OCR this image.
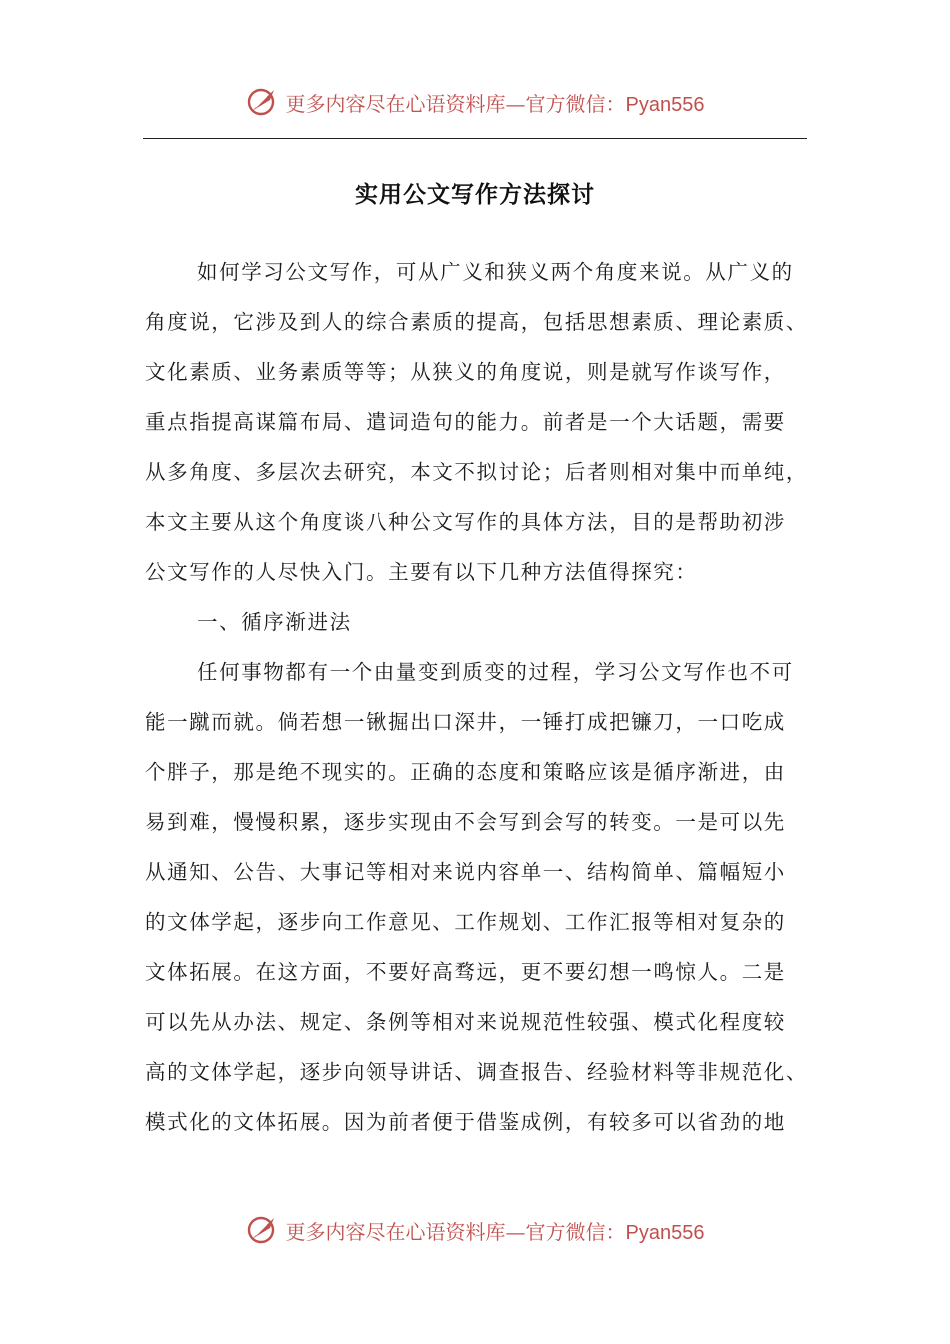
更多内容尽在心语资料库—官方微信：Pyan556
实用公文写作方法探讨
如何学习公文写作，可从广义和狭义两个角度来说。从广义的
角度说，它涉及到人的综合素质的提高，包括思想素质、理论素质、
文化素质、业务素质等等；从狭义的角度说，则是就写作谈写作，
重点指提高谋篇布局、遣词造句的能力。前者是一个大话题，需要
从多角度、多层次去研究，本文不拟讨论；后者则相对集中而单纯，
本文主要从这个角度谈八种公文写作的具体方法，目的是帮助初涉
公文写作的人尽快入门。主要有以下几种方法值得探究：
一、循序渐进法
任何事物都有一个由量变到质变的过程，学习公文写作也不可
能一蹴而就。倘若想一锹掘出口深井，一锤打成把镰刀，一口吃成
个胖子，那是绝不现实的。正确的态度和策略应该是循序渐进，由
易到难，慢慢积累，逐步实现由不会写到会写的转变。一是可以先
从通知、公告、大事记等相对来说内容单一、结构简单、篇幅短小
的文体学起，逐步向工作意见、工作规划、工作汇报等相对复杂的
文体拓展。在这方面，不要好高骛远，更不要幻想一鸣惊人。二是
可以先从办法、规定、条例等相对来说规范性较强、模式化程度较
高的文体学起，逐步向领导讲话、调查报告、经验材料等非规范化、
模式化的文体拓展。因为前者便于借鉴成例，有较多可以省劲的地
更多内容尽在心语资料库—官方微信：Pyan556
